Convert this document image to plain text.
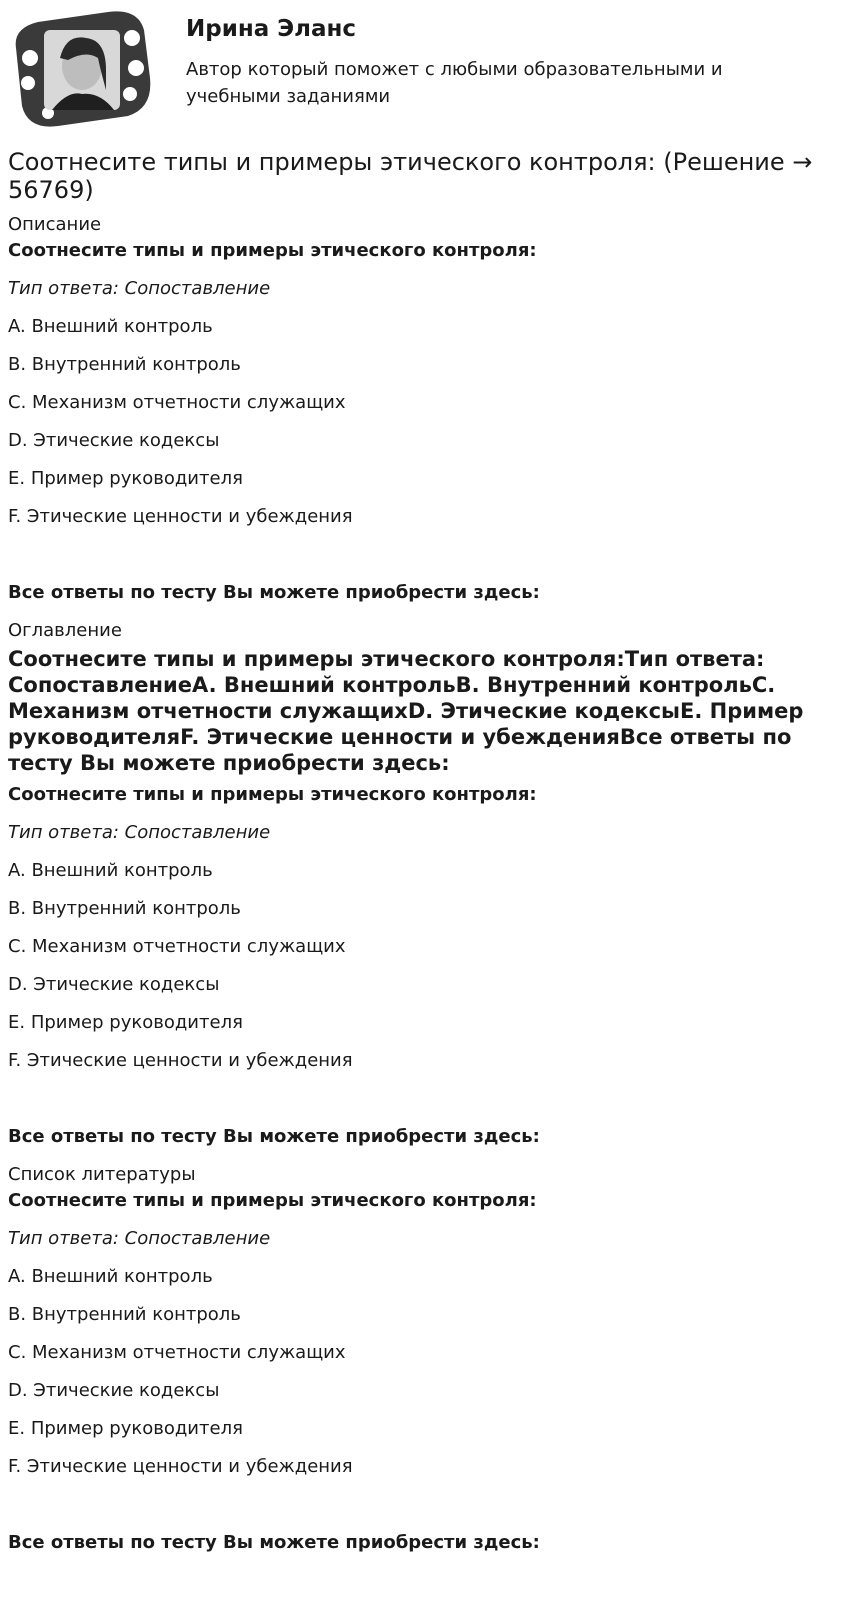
Ирина Эланс
Автор который поможет с любыми образовательными и учебными заданиями
Соотнесите типы и примеры этического контроля: (Решение → 56769)
Описание
Соотнесите типы и примеры этического контроля:
Тип ответа: Сопоставление
A. Внешний контроль
B. Внутренний контроль
C. Механизм отчетности служащих
D. Этические кодексы
E. Пример руководителя
F. Этические ценности и убеждения
Все ответы по тесту Вы можете приобрести здесь:
Оглавление
Соотнесите типы и примеры этического контроля:Тип ответа: СопоставлениеA. Внешний контрольB. Внутренний контрольC. Механизм отчетности служащихD. Этические кодексыE. Пример руководителяF. Этические ценности и убежденияВсе ответы по тесту Вы можете приобрести здесь:
Соотнесите типы и примеры этического контроля:
Тип ответа: Сопоставление
A. Внешний контроль
B. Внутренний контроль
C. Механизм отчетности служащих
D. Этические кодексы
E. Пример руководителя
F. Этические ценности и убеждения
Все ответы по тесту Вы можете приобрести здесь:
Список литературы
Соотнесите типы и примеры этического контроля:
Тип ответа: Сопоставление
A. Внешний контроль
B. Внутренний контроль
C. Механизм отчетности служащих
D. Этические кодексы
E. Пример руководителя
F. Этические ценности и убеждения
Все ответы по тесту Вы можете приобрести здесь:
